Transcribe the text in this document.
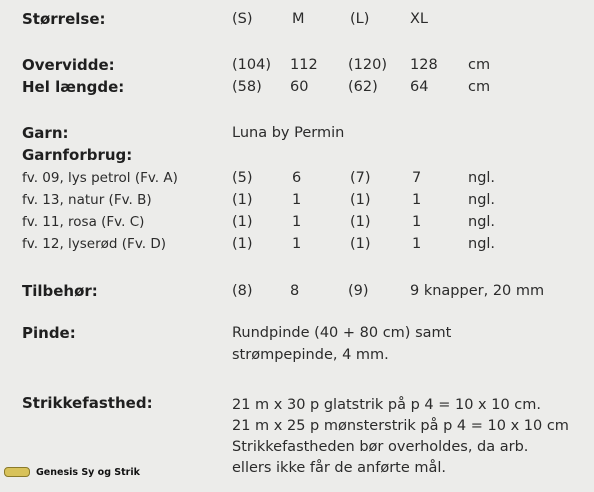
Størrelse:	(S)	M	(L)	XL
Overvidde:	(104) 112 (120) 128 cm
Hel længde:	(58) 60	(62) 64	cm
Garn:	Luna by Permin
Garnforbrug:
fv. 09, lys petrol (Fv. A)	(5)	6	(7)	7	ngl.
fv. 13, natur (Fv. B)	(1)	1	(1)	1	ngl.
fv. 11, rosa (Fv. C)	(1)	1	(1)	1	ngl.
fv. 12, lyserød (Fv. D)	(1)	1	(1)	1	ngl.
Tilbehør:	(8)	8	(9)	9 knapper, 20 mm
Pinde:	Rundpinde (40 + 80 cm) samt
strømpepinde, 4 mm.
Strikkefasthed:	21 m x 30 p glatstrik på p 4 = 10 x 10 cm.
21 m x 25 p mønsterstrik på p 4 = 10 x 10 cm
Strikkefastheden bør overholdes, da arb.
ellers ikke får de anførte mål.
Genesis Sy og Strik
